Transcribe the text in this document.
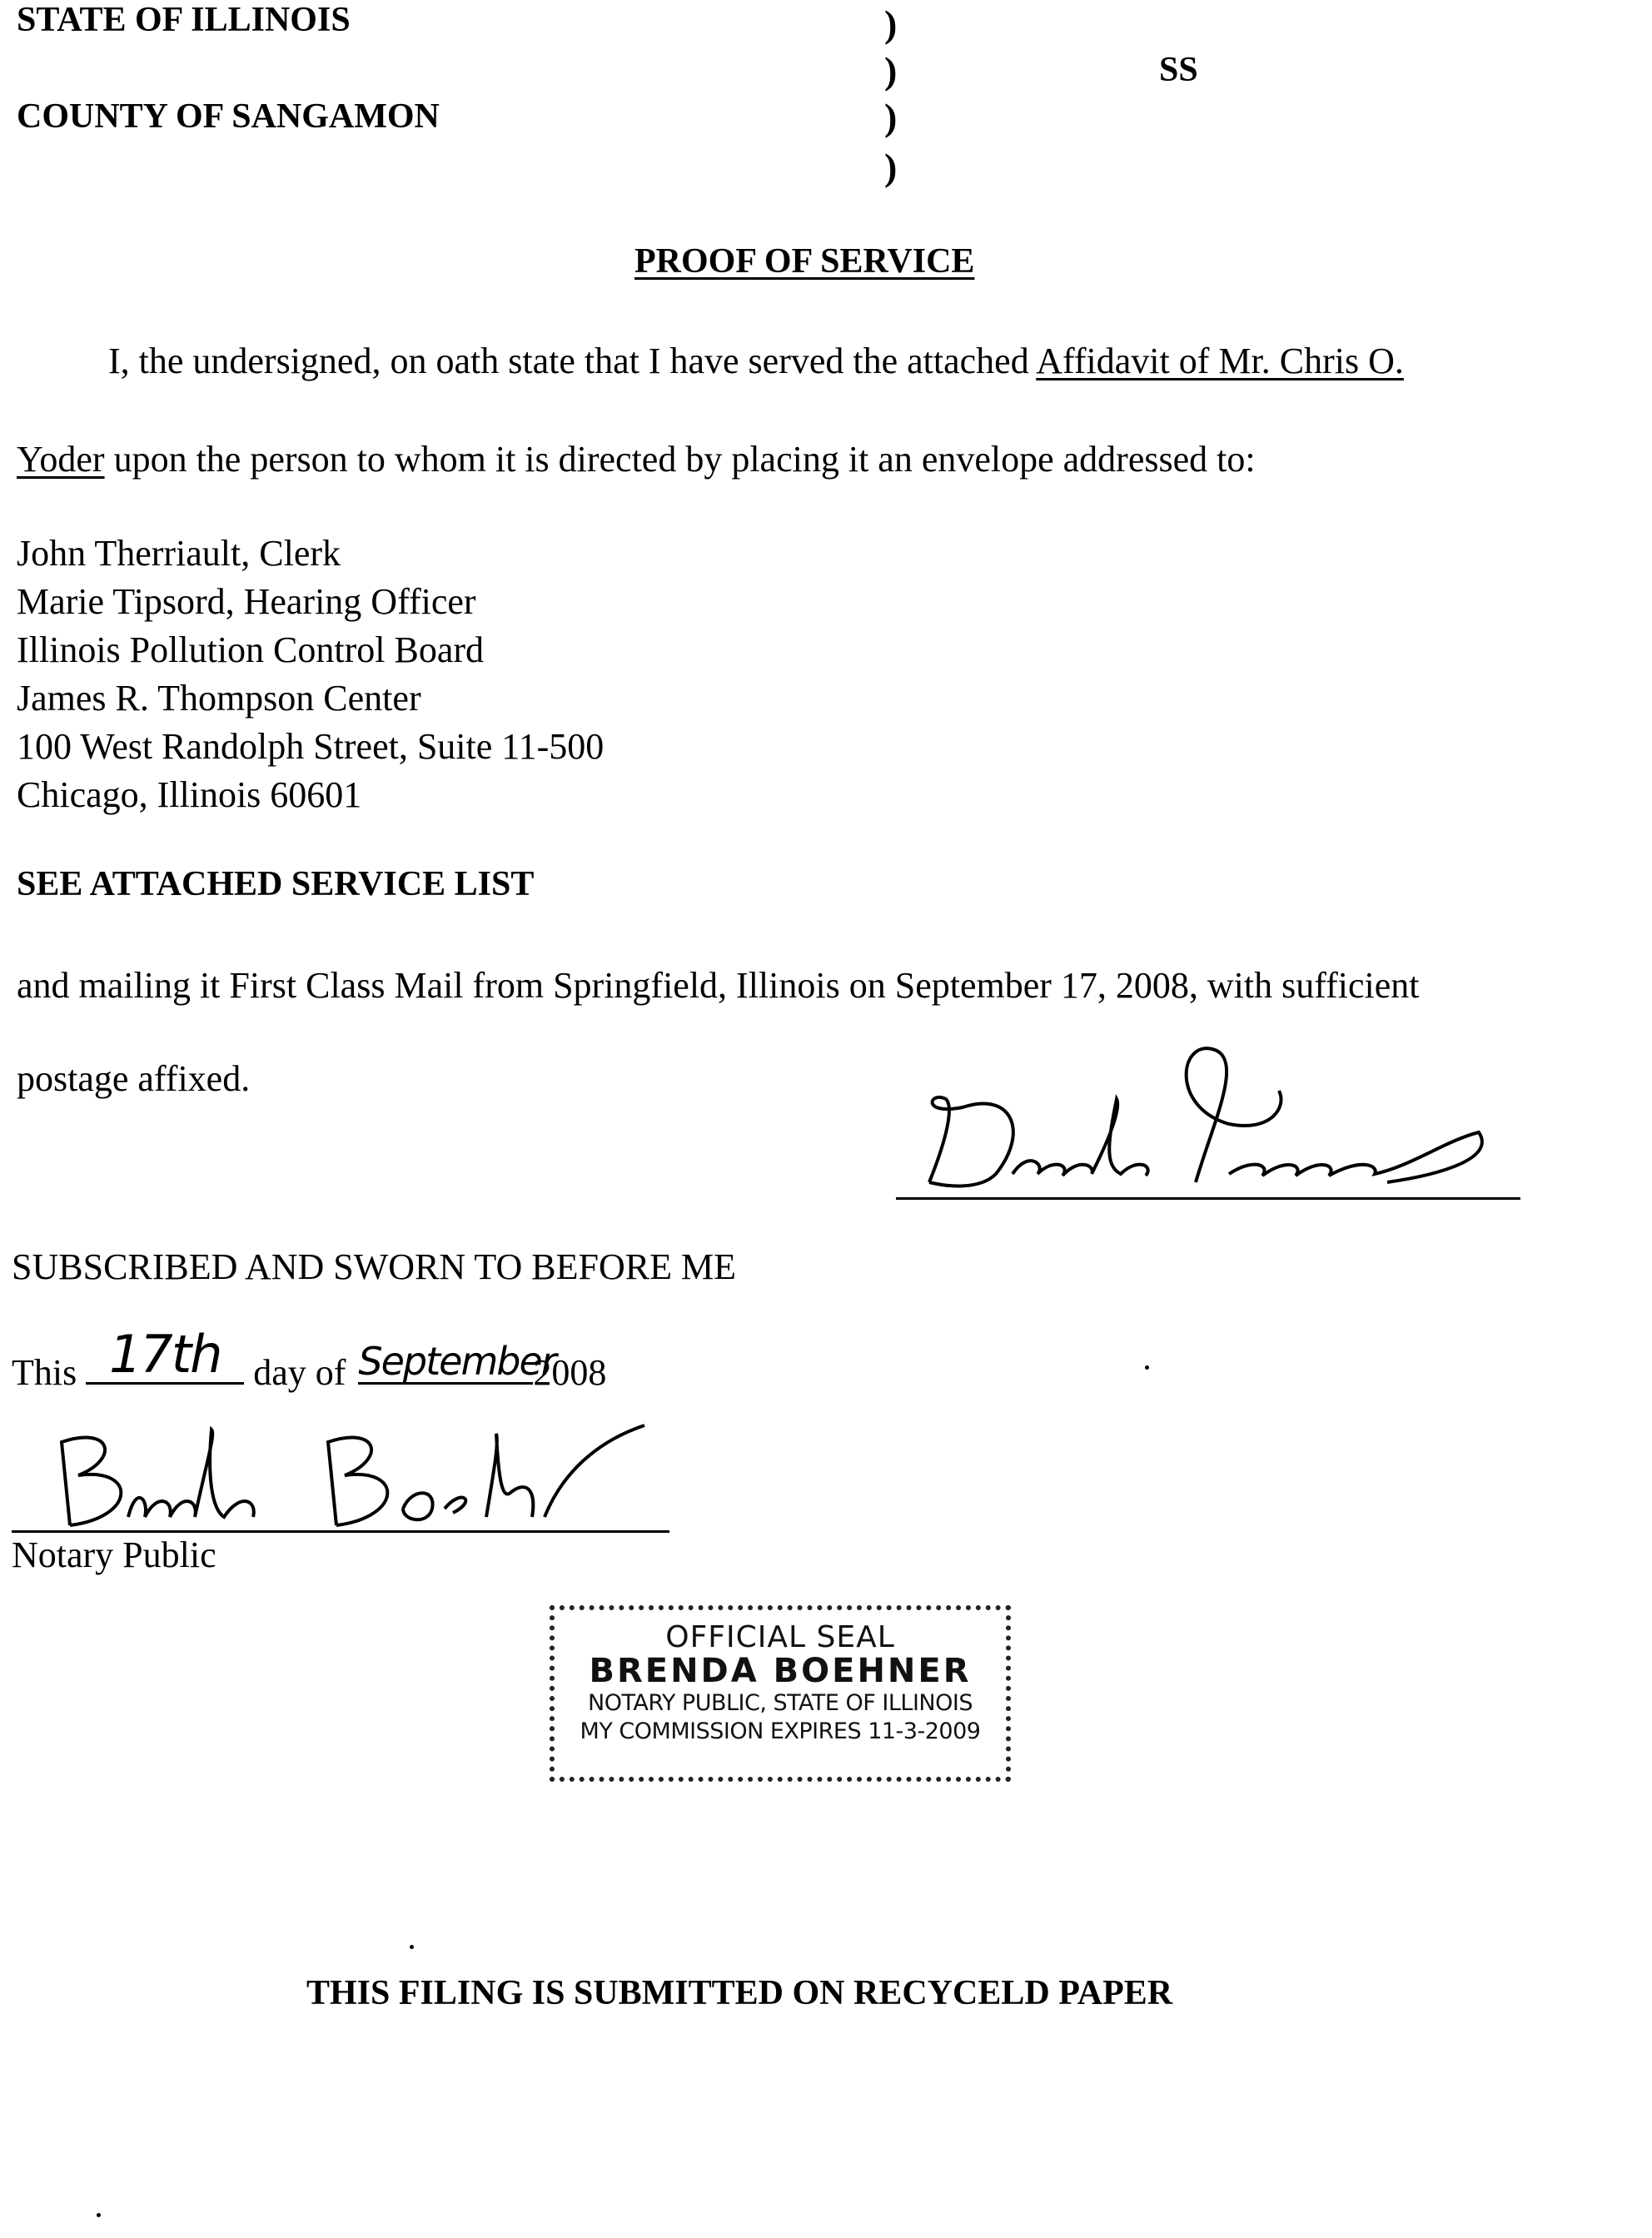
STATE OF ILLINOIS
COUNTY OF SANGAMON
)
)
)
)
SS
PROOF OF SERVICE
I, the undersigned, on oath state that I have served the attached Affidavit of Mr. Chris O.
Yoder upon the person to whom it is directed by placing it an envelope addressed to:
John Therriault, Clerk
Marie Tipsord, Hearing Officer
Illinois Pollution Control Board
James R. Thompson Center
100 West Randolph Street, Suite 11-500
Chicago, Illinois 60601
SEE ATTACHED SERVICE LIST
and mailing it First Class Mail from Springfield, Illinois on September 17, 2008, with sufficient
postage affixed.
SUBSCRIBED AND SWORN TO BEFORE ME
This 17th day of September
2008
Notary Public
OFFICIAL SEAL
BRENDA BOEHNER
NOTARY PUBLIC, STATE OF ILLINOIS
MY COMMISSION EXPIRES 11-3-2009
THIS FILING IS SUBMITTED ON RECYCELD PAPER
